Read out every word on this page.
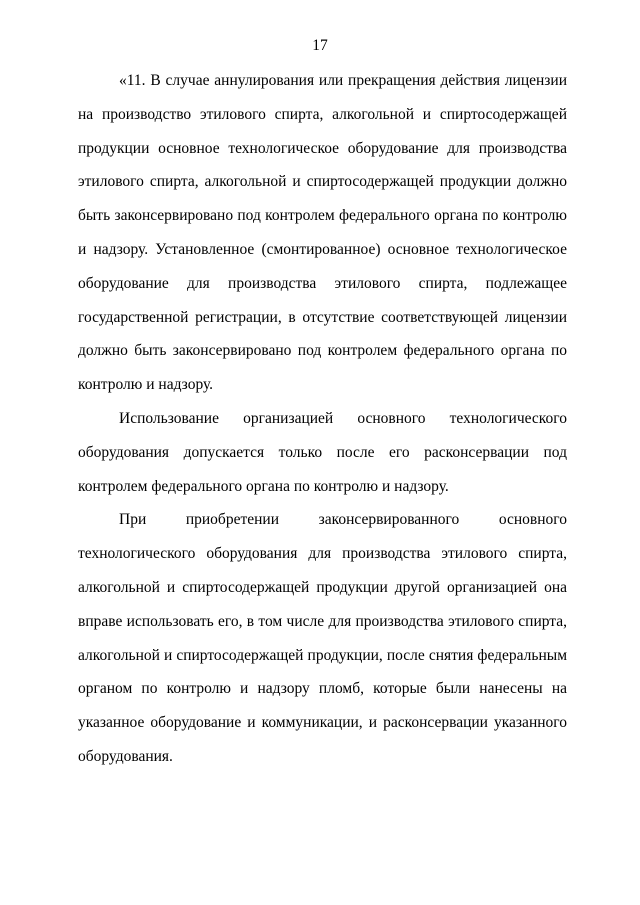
17

«11. В случае аннулирования или прекращения действия лицензии на производство этилового спирта, алкогольной и спиртосодержащей продукции основное технологическое оборудование для производства этилового спирта, алкогольной и спиртосодержащей продукции должно быть законсервировано под контролем федерального органа по контролю и надзору. Установленное (смонтированное) основное технологическое оборудование для производства этилового спирта, подлежащее государственной регистрации, в отсутствие соответствующей лицензии должно быть законсервировано под контролем федерального органа по контролю и надзору.

Использование организацией основного технологического оборудования допускается только после его расконсервации под контролем федерального органа по контролю и надзору.

При приобретении законсервированного основного технологического оборудования для производства этилового спирта, алкогольной и спиртосодержащей продукции другой организацией она вправе использовать его, в том числе для производства этилового спирта, алкогольной и спиртосодержащей продукции, после снятия федеральным органом по контролю и надзору пломб, которые были нанесены на указанное оборудование и коммуникации, и расконсервации указанного оборудования.
